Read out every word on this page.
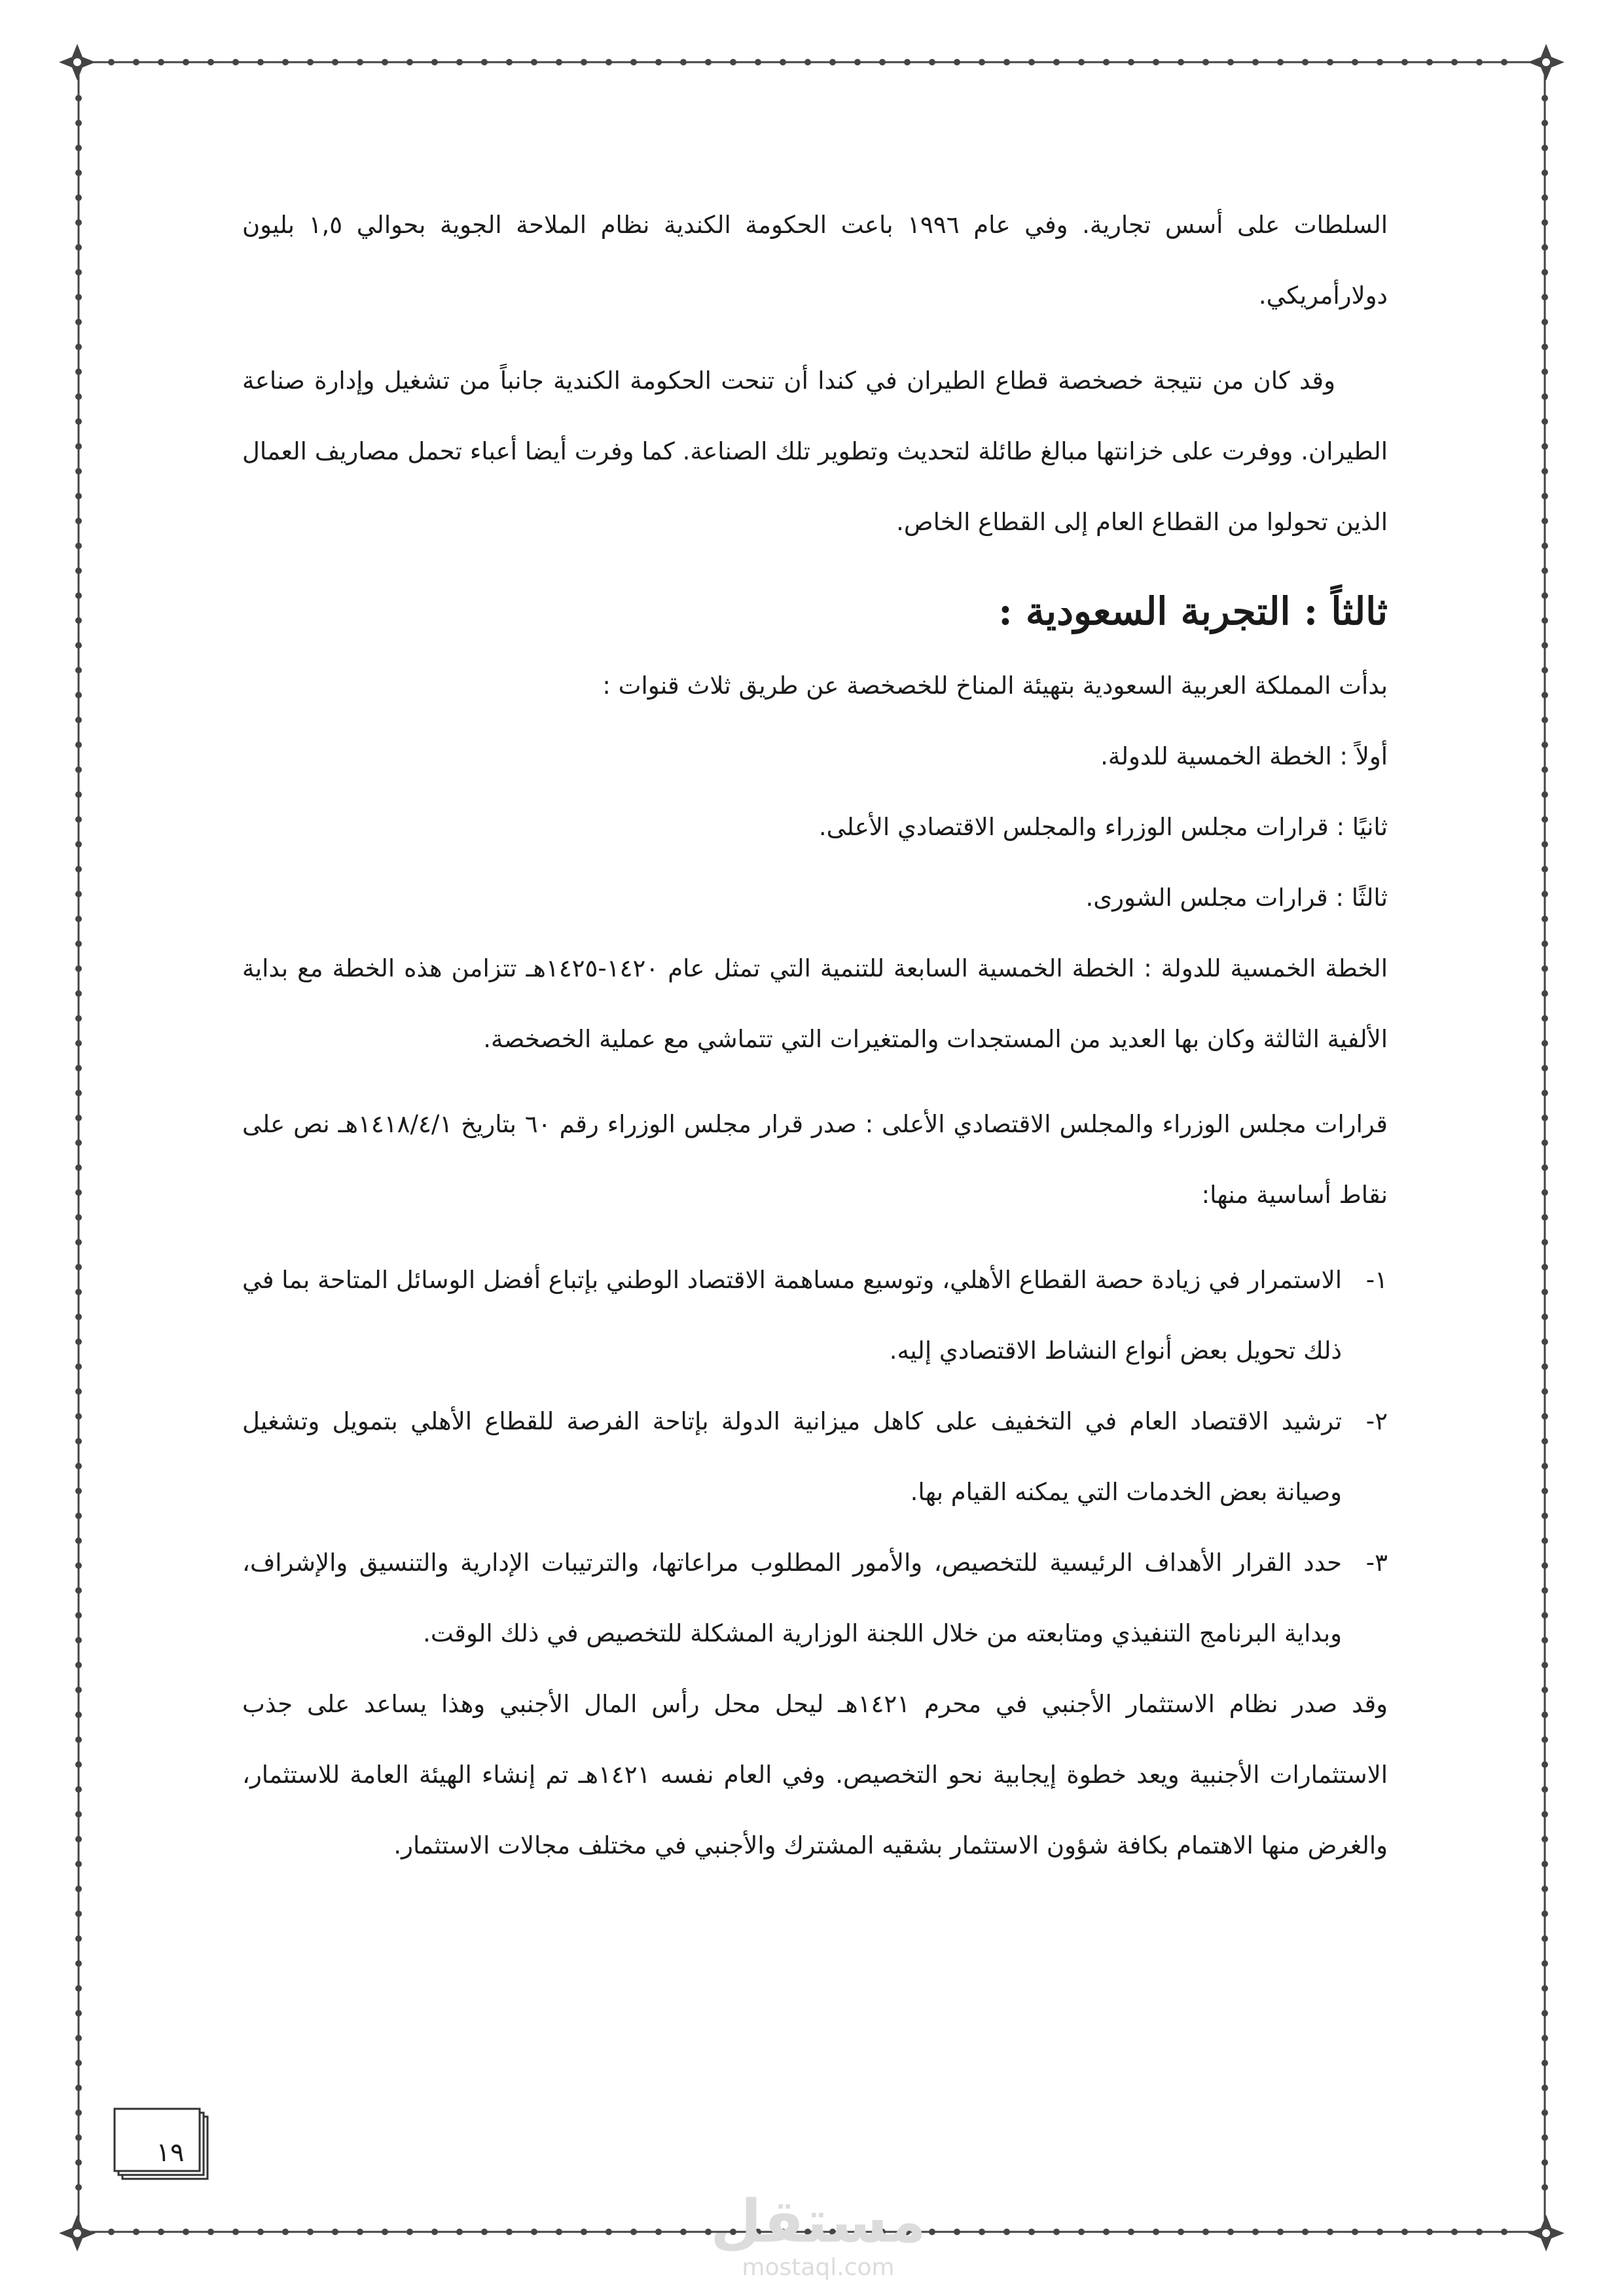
السلطات على أسس تجارية. وفي عام ١٩٩٦ باعت الحكومة الكندية نظام الملاحة الجوية بحوالي ١,٥ بليون دولارأمريكي.

وقد كان من نتيجة خصخصة قطاع الطيران في كندا أن تنحت الحكومة الكندية جانباً من تشغيل وإدارة صناعة الطيران. ووفرت على خزانتها مبالغ طائلة لتحديث وتطوير تلك الصناعة. كما وفرت أيضا أعباء تحمل مصاريف العمال الذين تحولوا من القطاع العام إلى القطاع الخاص.

ثالثاً : التجربة السعودية :

بدأت المملكة العربية السعودية بتهيئة المناخ للخصخصة عن طريق ثلاث قنوات :

أولاً : الخطة الخمسية للدولة.

ثانيًا : قرارات مجلس الوزراء والمجلس الاقتصادي الأعلى.

ثالثًا : قرارات مجلس الشورى.

الخطة الخمسية للدولة : الخطة الخمسية السابعة للتنمية التي تمثل عام ١٤٢٠-١٤٢٥هـ تتزامن هذه الخطة مع بداية الألفية الثالثة وكان بها العديد من المستجدات والمتغيرات التي تتماشي مع عملية الخصخصة.

قرارات مجلس الوزراء والمجلس الاقتصادي الأعلى : صدر قرار مجلس الوزراء رقم ٦٠ بتاريخ ١٤١٨/٤/١هـ نص على نقاط أساسية منها:

١-
الاستمرار في زيادة حصة القطاع الأهلي، وتوسيع مساهمة الاقتصاد الوطني بإتباع أفضل الوسائل المتاحة بما في ذلك تحويل بعض أنواع النشاط الاقتصادي إليه.
٢-
ترشيد الاقتصاد العام في التخفيف على كاهل ميزانية الدولة بإتاحة الفرصة للقطاع الأهلي بتمويل وتشغيل وصيانة بعض الخدمات التي يمكنه القيام بها.
٣-
حدد القرار الأهداف الرئيسية للتخصيص، والأمور المطلوب مراعاتها، والترتيبات الإدارية والتنسيق والإشراف، وبداية البرنامج التنفيذي ومتابعته من خلال اللجنة الوزارية المشكلة للتخصيص في ذلك الوقت.

وقد صدر نظام الاستثمار الأجنبي في محرم ١٤٢١هـ ليحل محل رأس المال الأجنبي وهذا يساعد على جذب الاستثمارات الأجنبية ويعد خطوة إيجابية نحو التخصيص. وفي العام نفسه ١٤٢١هـ تم إنشاء الهيئة العامة للاستثمار، والغرض منها الاهتمام بكافة شؤون الاستثمار بشقيه المشترك والأجنبي في مختلف مجالات الاستثمار.

١٩
مستقل
mostaql.com
